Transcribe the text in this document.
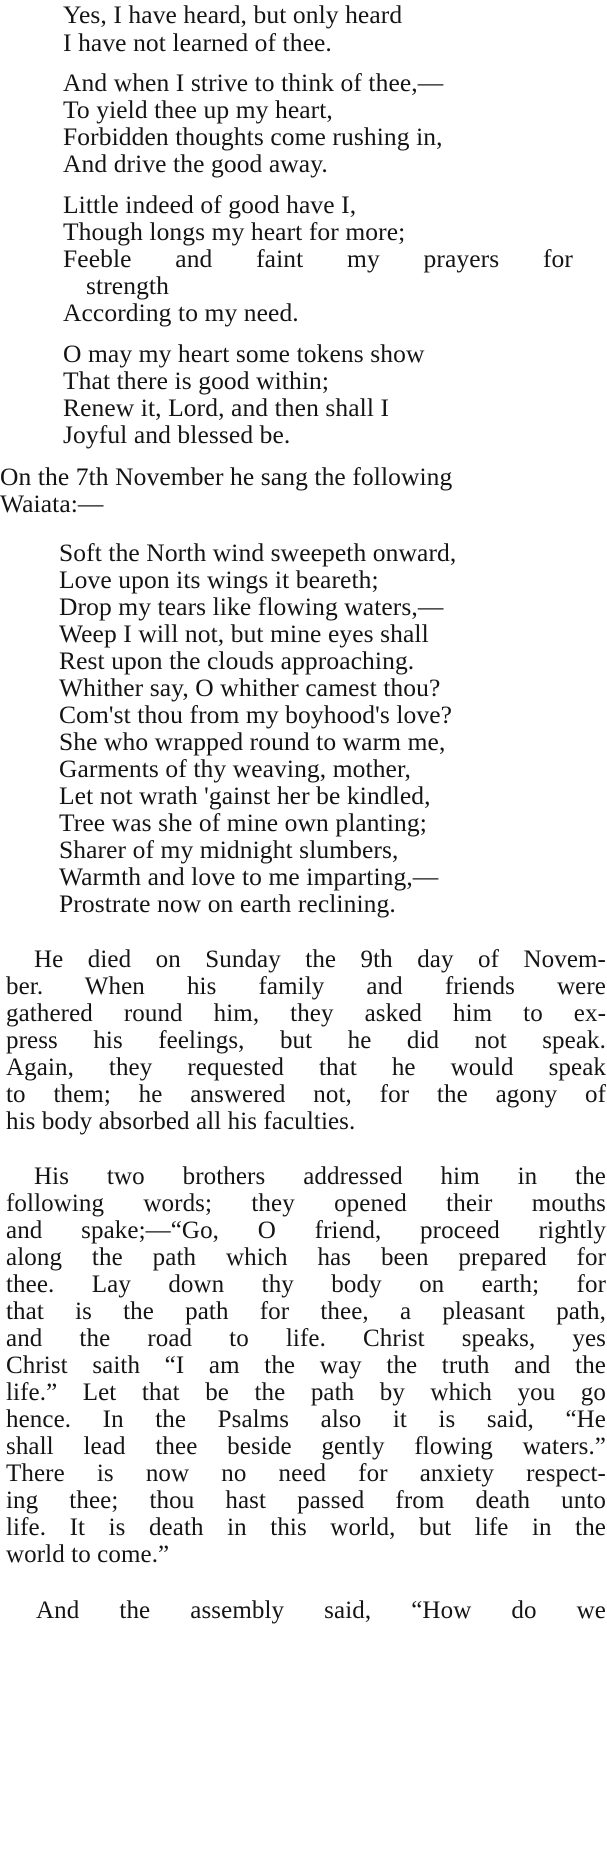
Yes, I have heard, but only heard
I have not learned of thee.
And when I strive to think of thee,—
To yield thee up my heart,
Forbidden thoughts come rushing in,
And drive the good away.
Little indeed of good have I,
Though longs my heart for more;
Feeble and faint my prayers for
strength
According to my need.
O may my heart some tokens show
That there is good within;
Renew it, Lord, and then shall I
Joyful and blessed be.
On the 7th November he sang the following
Waiata:—
Soft the North wind sweepeth onward,
Love upon its wings it beareth;
Drop my tears like flowing waters,—
Weep I will not, but mine eyes shall
Rest upon the clouds approaching.
Whither say, O whither camest thou?
Com'st thou from my boyhood's love?
She who wrapped round to warm me,
Garments of thy weaving, mother,
Let not wrath 'gainst her be kindled,
Tree was she of mine own planting;
Sharer of my midnight slumbers,
Warmth and love to me imparting,—
Prostrate now on earth reclining.
He died on Sunday the 9th day of Novem-
ber. When his family and friends were
gathered round him, they asked him to ex-
press his feelings, but he did not speak.
Again, they requested that he would speak
to them; he answered not, for the agony of
his body absorbed all his faculties.
His two brothers addressed him in the
following words; they opened their mouths
and spake;—“Go, O friend, proceed rightly
along the path which has been prepared for
thee. Lay down thy body on earth; for
that is the path for thee, a pleasant path,
and the road to life. Christ speaks, yes
Christ saith “I am the way the truth and the
life.” Let that be the path by which you go
hence. In the Psalms also it is said, “He
shall lead thee beside gently flowing waters.”
There is now no need for anxiety respect-
ing thee; thou hast passed from death unto
life. It is death in this world, but life in the
world to come.”
And the assembly said, “How do we
